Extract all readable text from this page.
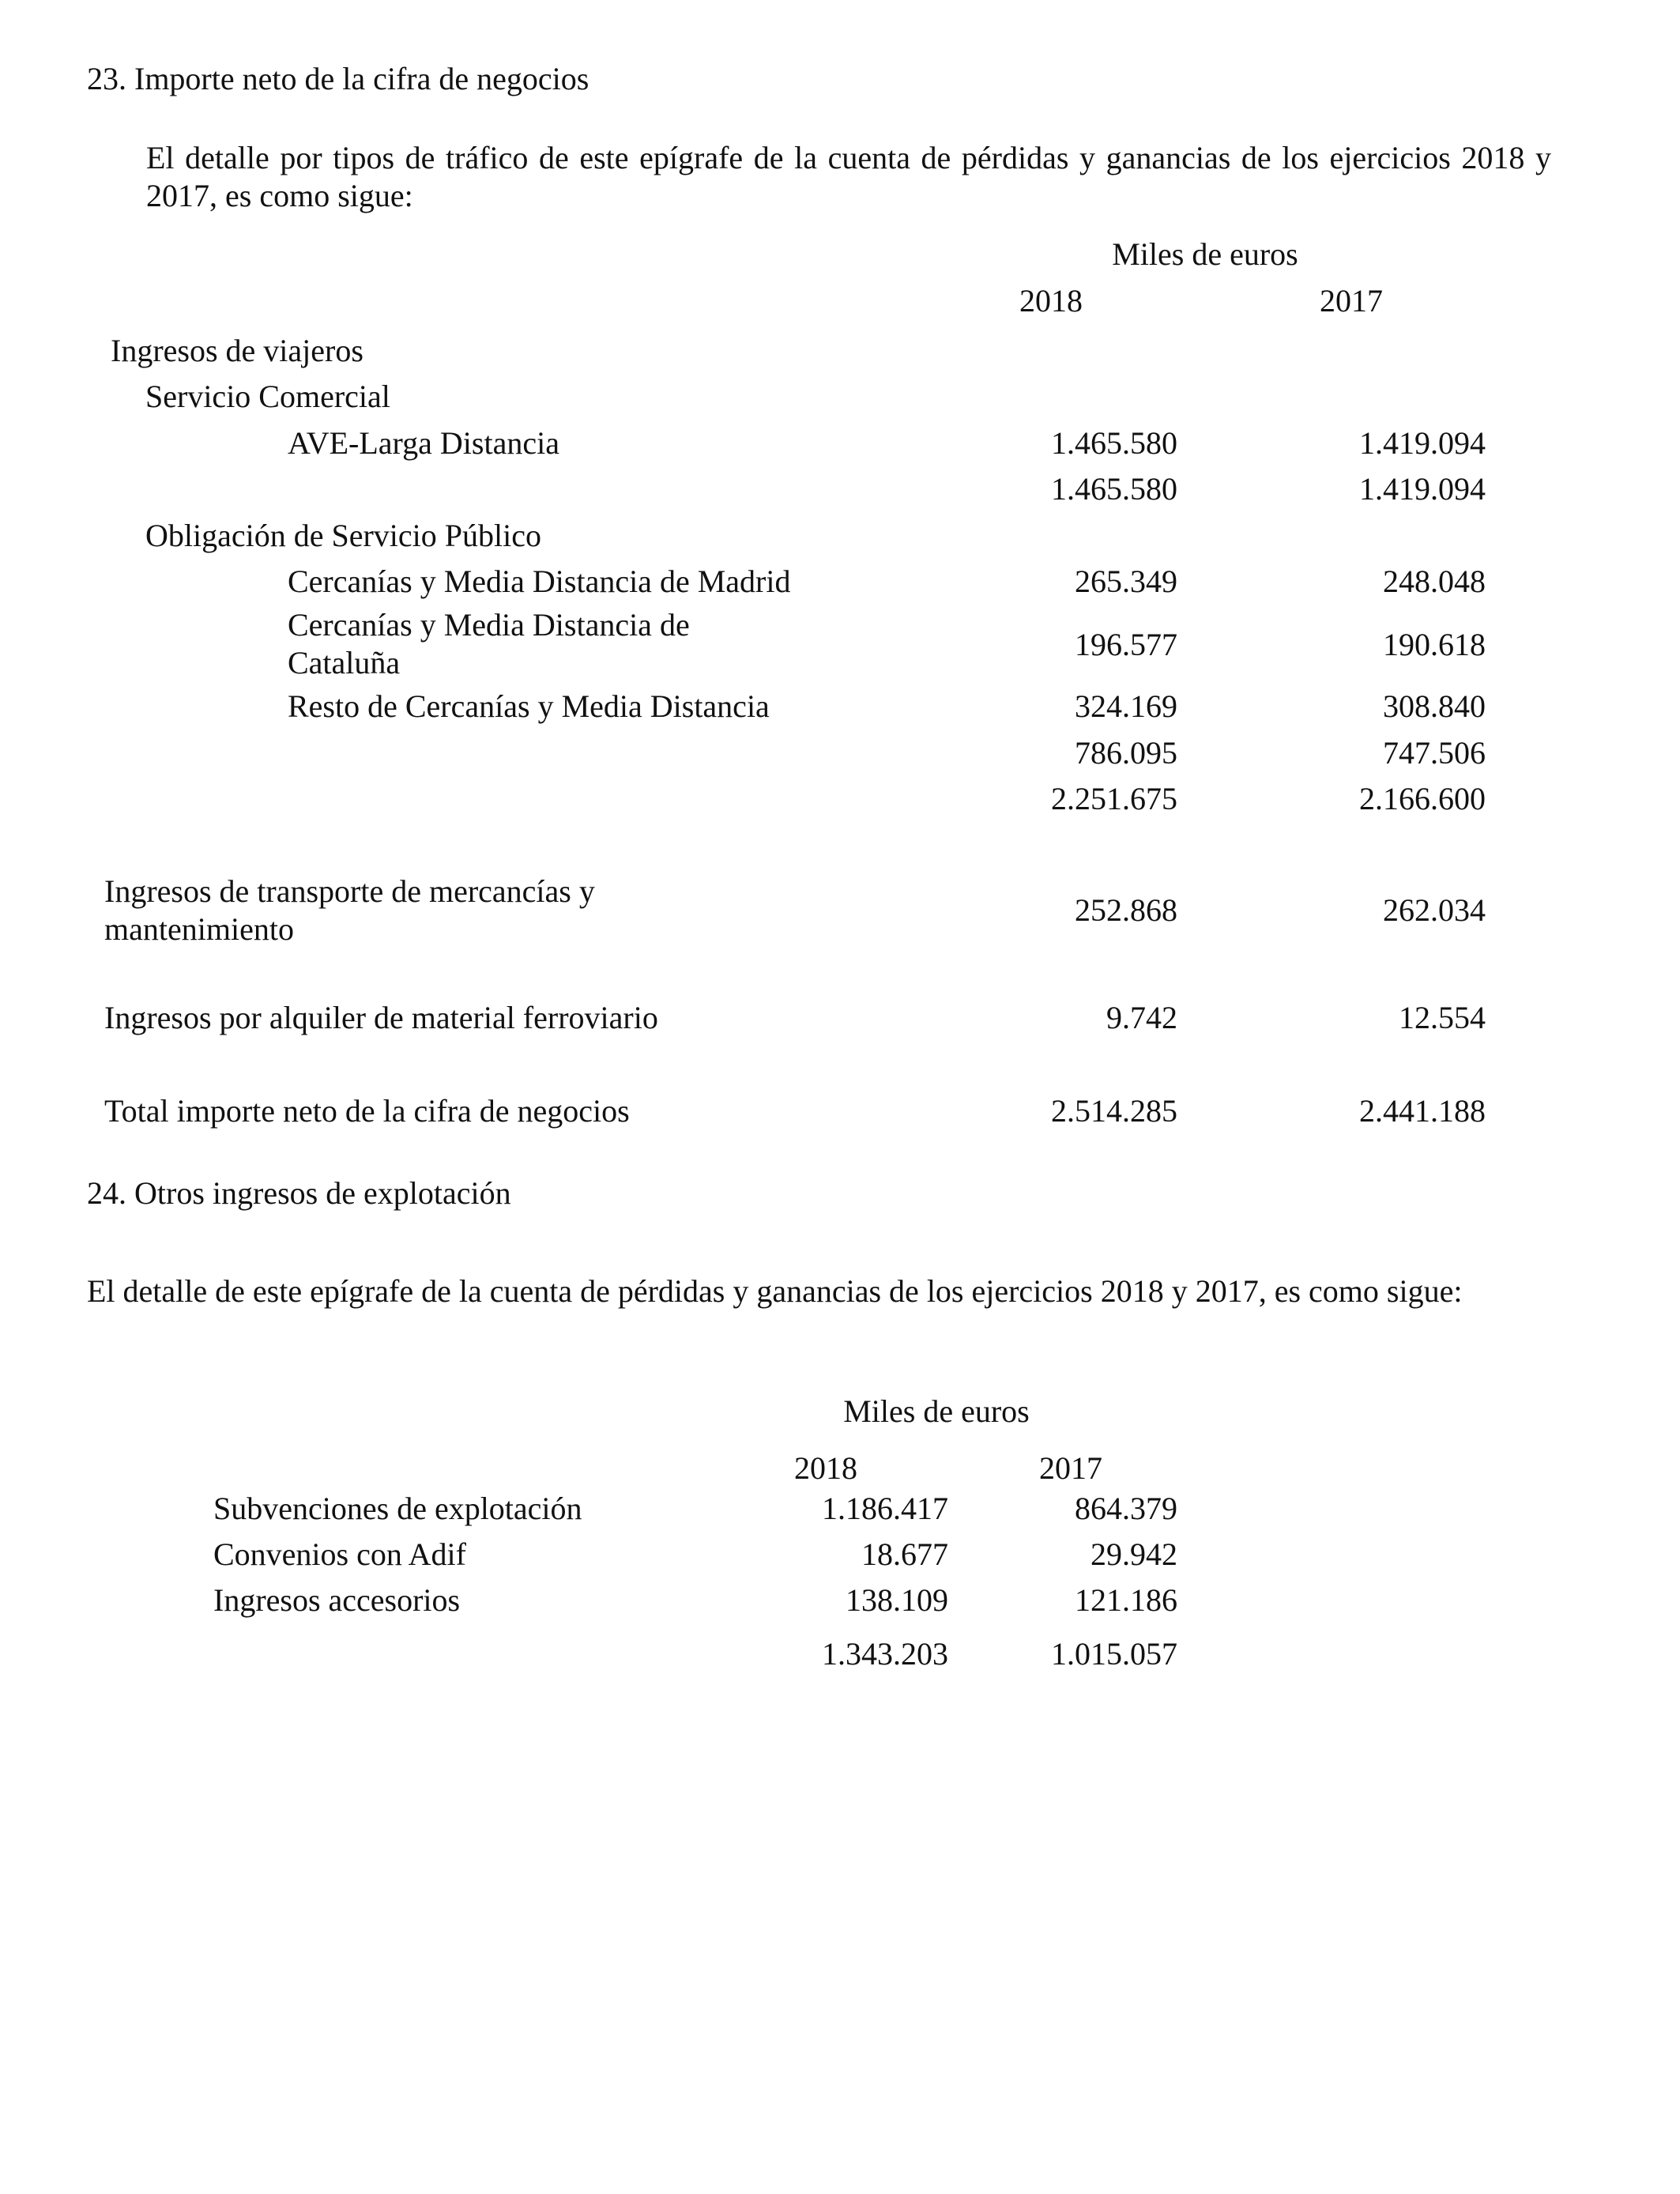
23. Importe neto de la cifra de negocios
El detalle por tipos de tráfico de este epígrafe de la cuenta de pérdidas y ganancias de los ejercicios 2018 y 2017, es como sigue:
Miles de euros
2018	2017
Ingresos de viajeros
Servicio Comercial
AVE-Larga Distancia	1.465.580	1.419.094
1.465.580	1.419.094
Obligación de Servicio Público
Cercanías y Media Distancia de Madrid	265.349	248.048
Cercanías y Media Distancia de Cataluña
196.577	190.618
Resto de Cercanías y Media Distancia	324.169	308.840
786.095	747.506
2.251.675	2.166.600
Ingresos de transporte de mercancías y mantenimiento
252.868	262.034
Ingresos por alquiler de material ferroviario	9.742	12.554
Total importe neto de la cifra de negocios	2.514.285	2.441.188
24. Otros ingresos de explotación
El detalle de este epígrafe de la cuenta de pérdidas y ganancias de los ejercicios 2018 y 2017, es como sigue:
Miles de euros
2018	2017
Subvenciones de explotación	1.186.417	864.379
Convenios con Adif	18.677	29.942
Ingresos accesorios	138.109	121.186
1.343.203	1.015.057
